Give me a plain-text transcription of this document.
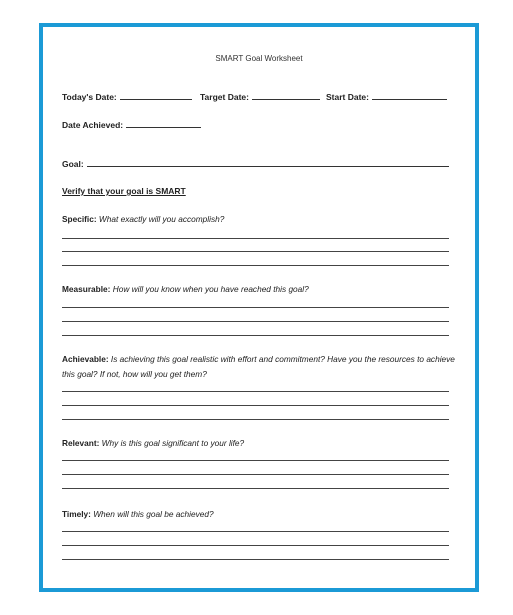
SMART Goal Worksheet
Today's Date:	Target Date:	Start Date:
Date Achieved:
Goal:
Verify that your goal is SMART
Specific: What exactly will you accomplish?
Measurable: How will you know when you have reached this goal?
Achievable: Is achieving this goal realistic with effort and commitment? Have you the resources to achieve this goal? If not, how will you get them?
Relevant: Why is this goal significant to your life?
Timely: When will this goal be achieved?
